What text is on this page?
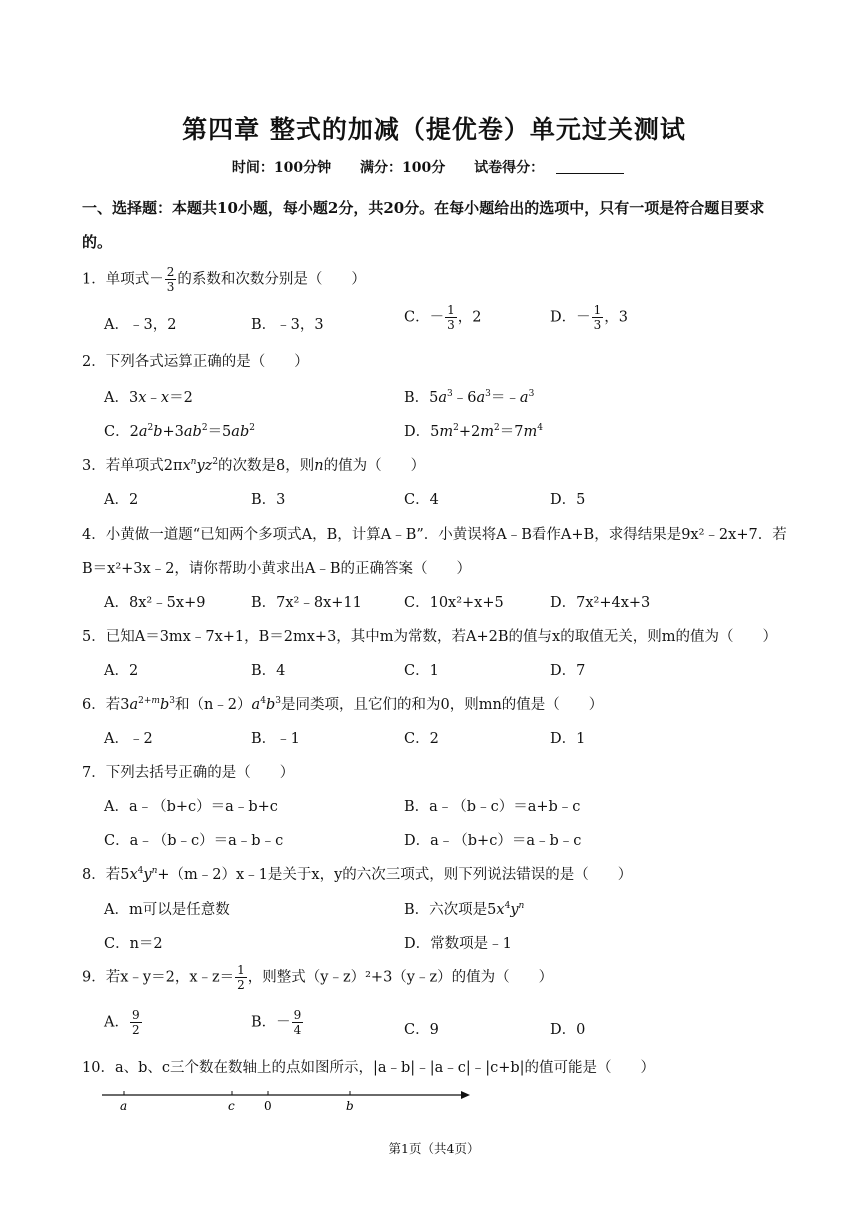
第四章 整式的加减（提优卷）单元过关测试
时间：100分钟 满分：100分 试卷得分：
一、选择题：本题共10小题，每小题2分，共20分。在每小题给出的选项中，只有一项是符合题目要求的。
1．单项式－ $\frac{2}{3}$ 的系数和次数分别是（　　）
A．﹣3，2	B．﹣3，3	C．－ $\frac{1}{3}$ ，2	D．－ $\frac{1}{3}$ ，3
2．下列各式运算正确的是（　　）
A．3x﹣x＝2	B．$5a^3﹣6a^3=﹣a^3$
C．$2a^2b+3ab^2=5ab^2$	D．$5m^2+2m^2=7m^4$
3．若单项式$2\pi x^nyz^2$的次数是8，则n的值为（　　）
A．2	B．3	C．4	D．5
4．小黄做一道题“已知两个多项式A，B，计算A﹣B”．小黄误将A﹣B看作A+B，求得结果是9x²﹣2x+7．若
B＝x²+3x﹣2，请你帮助小黄求出A﹣B的正确答案（　　）
A．8x²﹣5x+9	B．7x²﹣8x+11	C．10x²+x+5	D．7x²+4x+3
5．已知A＝3mx﹣7x+1，B＝2mx+3，其中m为常数，若A+2B的值与x的取值无关，则m的值为（　　）
A．2	B．4	C．1	D．7
6．若$3a^{2+m}b^3$和$(n﹣2)a^4b^3$是同类项，且它们的和为0，则mn的值是（　　）
A．﹣2	B．﹣1	C．2	D．1
7．下列去括号正确的是（　　）
A．a﹣（b+c）＝a﹣b+c	B．a﹣（b﹣c）＝a+b﹣c
C．a﹣（b﹣c）＝a﹣b﹣c	D．a﹣（b+c）＝a﹣b﹣c
8．若$5x^4y^n+(m﹣2)x﹣1$是关于x，y的六次三项式，则下列说法错误的是（　　）
A．m可以是任意数	B．六次项是$5x^4y^n$
C．n＝2	D．常数项是﹣1
9．若x﹣y＝2，x﹣z＝ $\frac{1}{2}$ ，则整式（y﹣z）²+3（y﹣z）的值为（　　）
A． $\frac{9}{2}$	B．－ $\frac{9}{4}$	C．9	D．0
10．a、b、c三个数在数轴上的点如图所示，|a﹣b|﹣|a﹣c|﹣|c+b|的值可能是（　　）
a	c 0	b
第1页（共4页）
